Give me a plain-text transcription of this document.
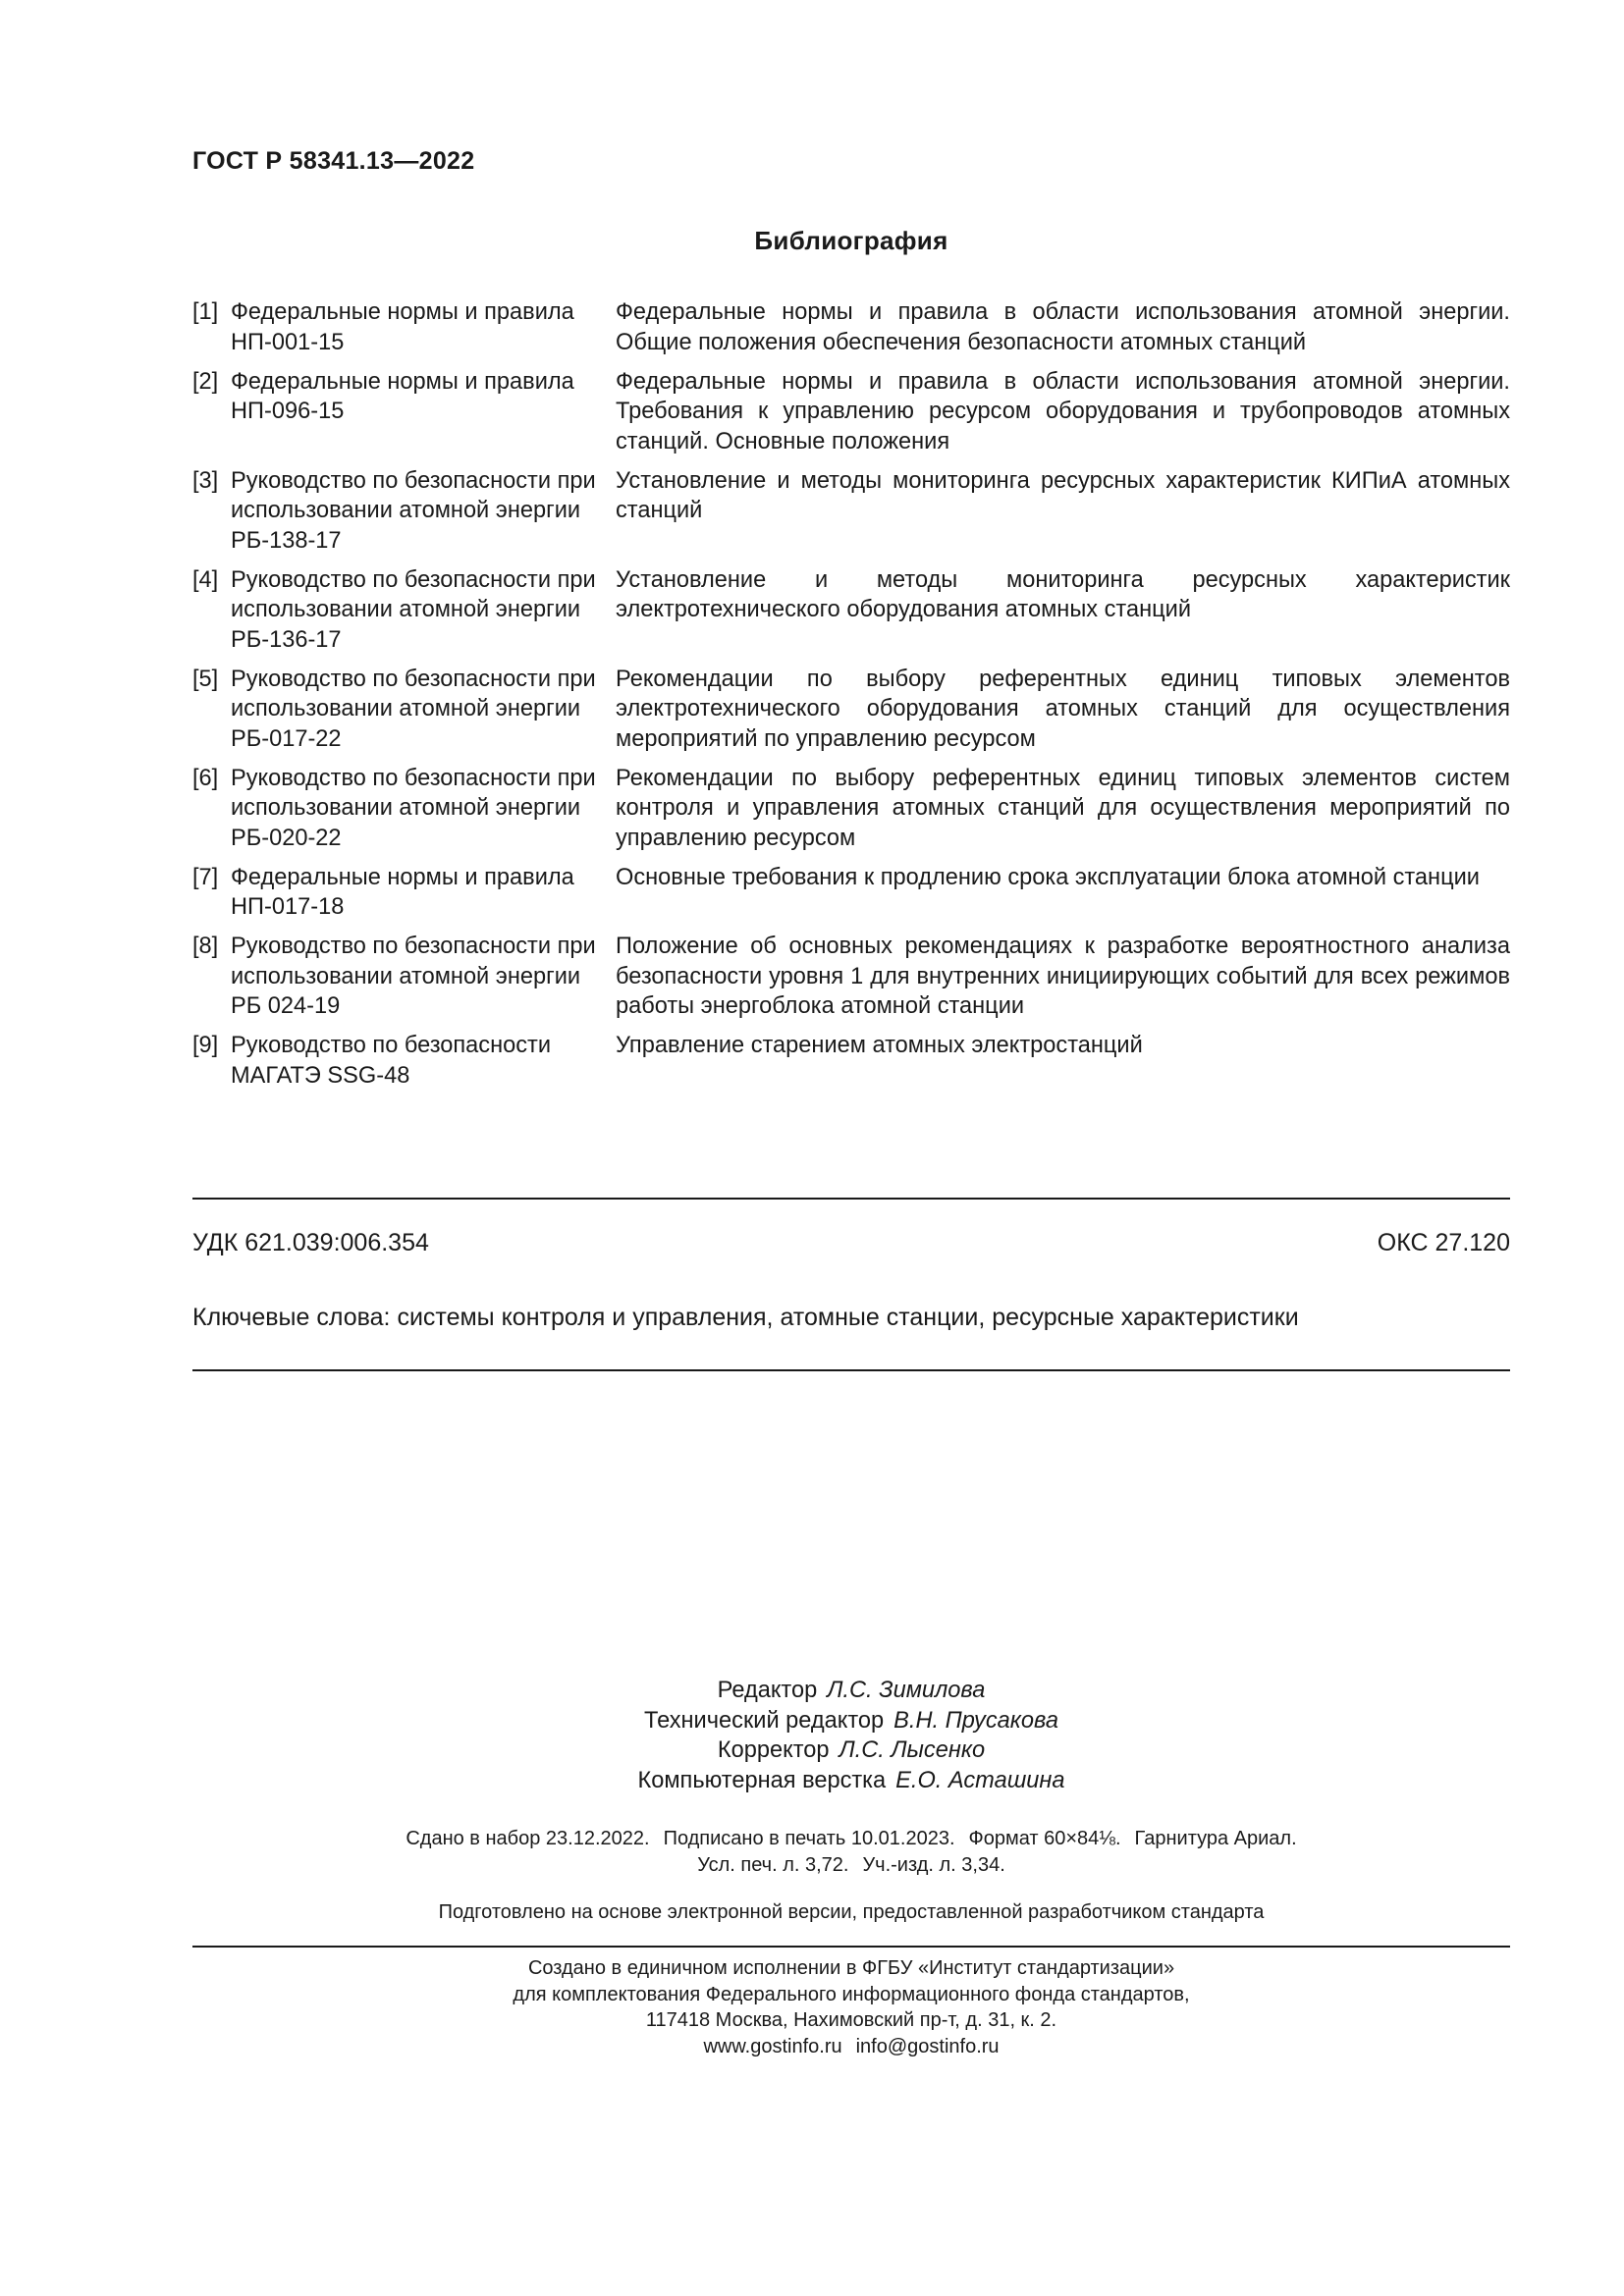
ГОСТ Р 58341.13—2022
Библиография
[1] Федеральные нормы и правила НП-001-15
Федеральные нормы и правила в области использования атомной энергии. Общие положения обеспечения безопасности атомных станций
[2] Федеральные нормы и правила НП-096-15
Федеральные нормы и правила в области использования атомной энергии. Требования к управлению ресурсом оборудования и трубопроводов атомных станций. Основные положения
[3] Руководство по безопасности при использовании атомной энергии РБ-138-17
Установление и методы мониторинга ресурсных характеристик КИПиА атомных станций
[4] Руководство по безопасности при использовании атомной энергии РБ-136-17
Установление и методы мониторинга ресурсных характеристик электротехнического оборудования атомных станций
[5] Руководство по безопасности при использовании атомной энергии РБ-017-22
Рекомендации по выбору референтных единиц типовых элементов электротехнического оборудования атомных станций для осуществления мероприятий по управлению ресурсом
[6] Руководство по безопасности при использовании атомной энергии РБ-020-22
Рекомендации по выбору референтных единиц типовых элементов систем контроля и управления атомных станций для осуществления мероприятий по управлению ресурсом
[7] Федеральные нормы и правила НП-017-18
Основные требования к продлению срока эксплуатации блока атомной станции
[8] Руководство по безопасности при использовании атомной энергии РБ 024-19
Положение об основных рекомендациях к разработке вероятностного анализа безопасности уровня 1 для внутренних инициирующих событий для всех режимов работы энергоблока атомной станции
[9] Руководство по безопасности МАГАТЭ SSG-48
Управление старением атомных электростанций
УДК 621.039:006.354	ОКС 27.120
Ключевые слова: системы контроля и управления, атомные станции, ресурсные характеристики
Редактор Л.С. Зимилова
Технический редактор В.Н. Прусакова
Корректор Л.С. Лысенко
Компьютерная верстка Е.О. Асташина
Сдано в набор 23.12.2022. Подписано в печать 10.01.2023. Формат 60×84⅛. Гарнитура Ариал.
Усл. печ. л. 3,72. Уч.-изд. л. 3,34.
Подготовлено на основе электронной версии, предоставленной разработчиком стандарта
Создано в единичном исполнении в ФГБУ «Институт стандартизации»
для комплектования Федерального информационного фонда стандартов,
117418 Москва, Нахимовский пр-т, д. 31, к. 2.
www.gostinfo.ru info@gostinfo.ru
